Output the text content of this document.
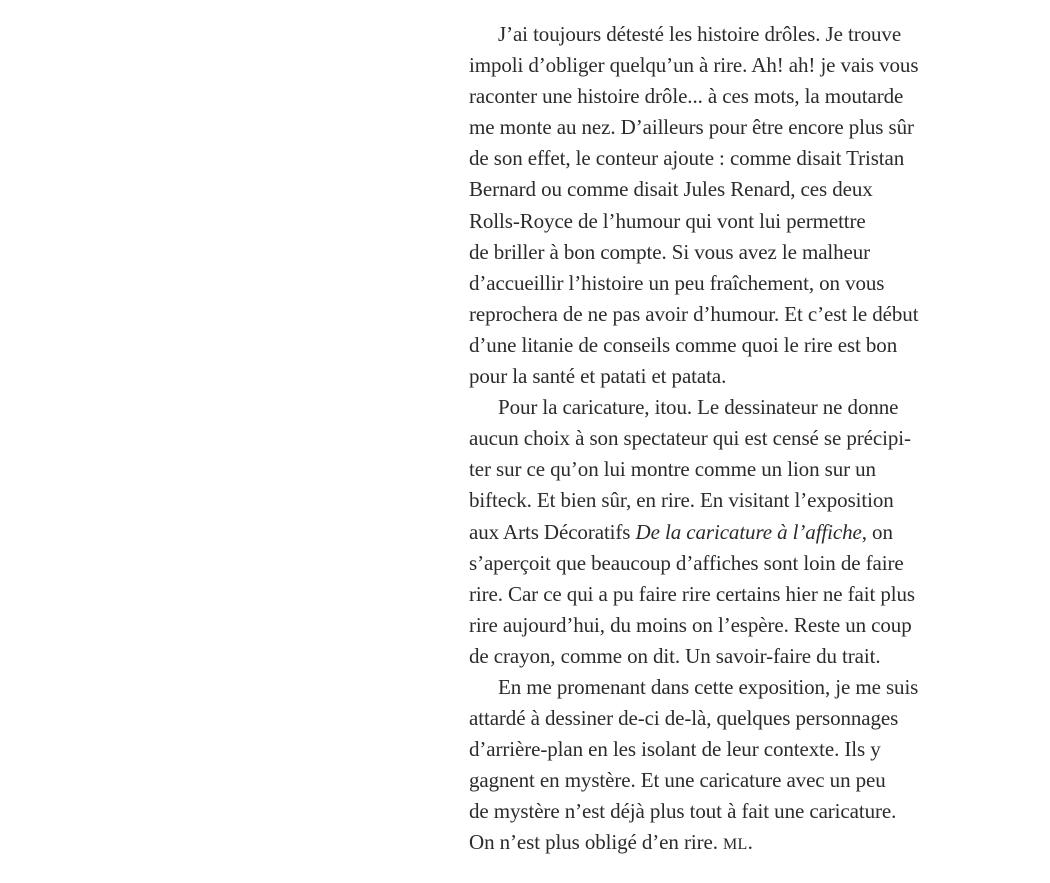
J’ai toujours détesté les histoire drôles. Je trouve
impoli d’obliger quelqu’un à rire. Ah! ah! je vais vous
raconter une histoire drôle... à ces mots, la moutarde
me monte au nez. D’ailleurs pour être encore plus sûr
de son effet, le conteur ajoute : comme disait Tristan
Bernard ou comme disait Jules Renard, ces deux
Rolls-Royce de l’humour qui vont lui permettre
de briller à bon compte. Si vous avez le malheur
d’accueillir l’histoire un peu fraîchement, on vous
reprochera de ne pas avoir d’humour. Et c’est le début
d’une litanie de conseils comme quoi le rire est bon
pour la santé et patati et patata.
Pour la caricature, itou. Le dessinateur ne donne
aucun choix à son spectateur qui est censé se précipi-
ter sur ce qu’on lui montre comme un lion sur un
bifteck. Et bien sûr, en rire. En visitant l’exposition
aux Arts Décoratifs De la caricature à l’affiche, on
s’aperçoit que beaucoup d’affiches sont loin de faire
rire. Car ce qui a pu faire rire certains hier ne fait plus
rire aujourd’hui, du moins on l’espère. Reste un coup
de crayon, comme on dit. Un savoir-faire du trait.
En me promenant dans cette exposition, je me suis
attardé à dessiner de-ci de-là, quelques personnages
d’arrière-plan en les isolant de leur contexte. Ils y
gagnent en mystère. Et une caricature avec un peu
de mystère n’est déjà plus tout à fait une caricature.
On n’est plus obligé d’en rire. ML.
